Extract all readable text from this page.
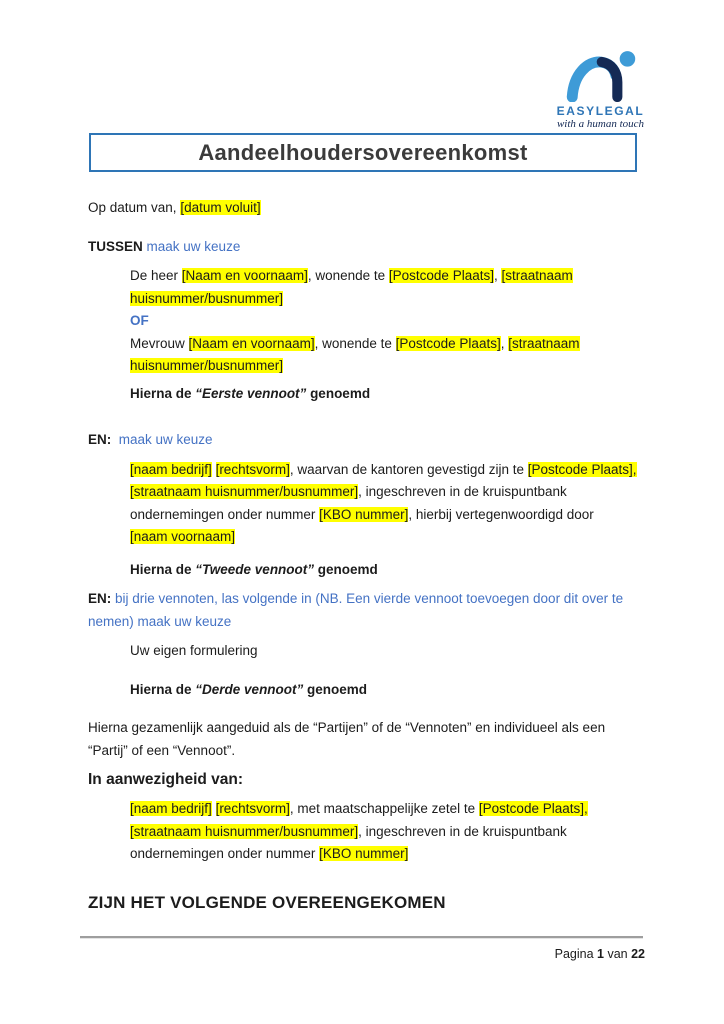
EASYLEGAL
with a human touch
Aandeelhoudersovereenkomst
Op datum van, [datum voluit]
TUSSEN maak uw keuze
De heer [Naam en voornaam], wonende te [Postcode Plaats], [straatnaam
huisnummer/busnummer]
OF
Mevrouw [Naam en voornaam], wonende te [Postcode Plaats], [straatnaam
huisnummer/busnummer]
Hierna de “Eerste vennoot” genoemd
EN: maak uw keuze
[naam bedrijf] [rechtsvorm], waarvan de kantoren gevestigd zijn te [Postcode Plaats],
[straatnaam huisnummer/busnummer], ingeschreven in de kruispuntbank
ondernemingen onder nummer [KBO nummer], hierbij vertegenwoordigd door
[naam voornaam]
Hierna de “Tweede vennoot” genoemd
EN: bij drie vennoten, las volgende in (NB. Een vierde vennoot toevoegen door dit over te
nemen) maak uw keuze
Uw eigen formulering
Hierna de “Derde vennoot” genoemd
Hierna gezamenlijk aangeduid als de “Partijen” of de “Vennoten” en individueel als een
“Partij” of een “Vennoot”.
In aanwezigheid van:
[naam bedrijf] [rechtsvorm], met maatschappelijke zetel te [Postcode Plaats],
[straatnaam huisnummer/busnummer], ingeschreven in de kruispuntbank
ondernemingen onder nummer [KBO nummer]
ZIJN HET VOLGENDE OVEREENGEKOMEN
Pagina 1 van 22
